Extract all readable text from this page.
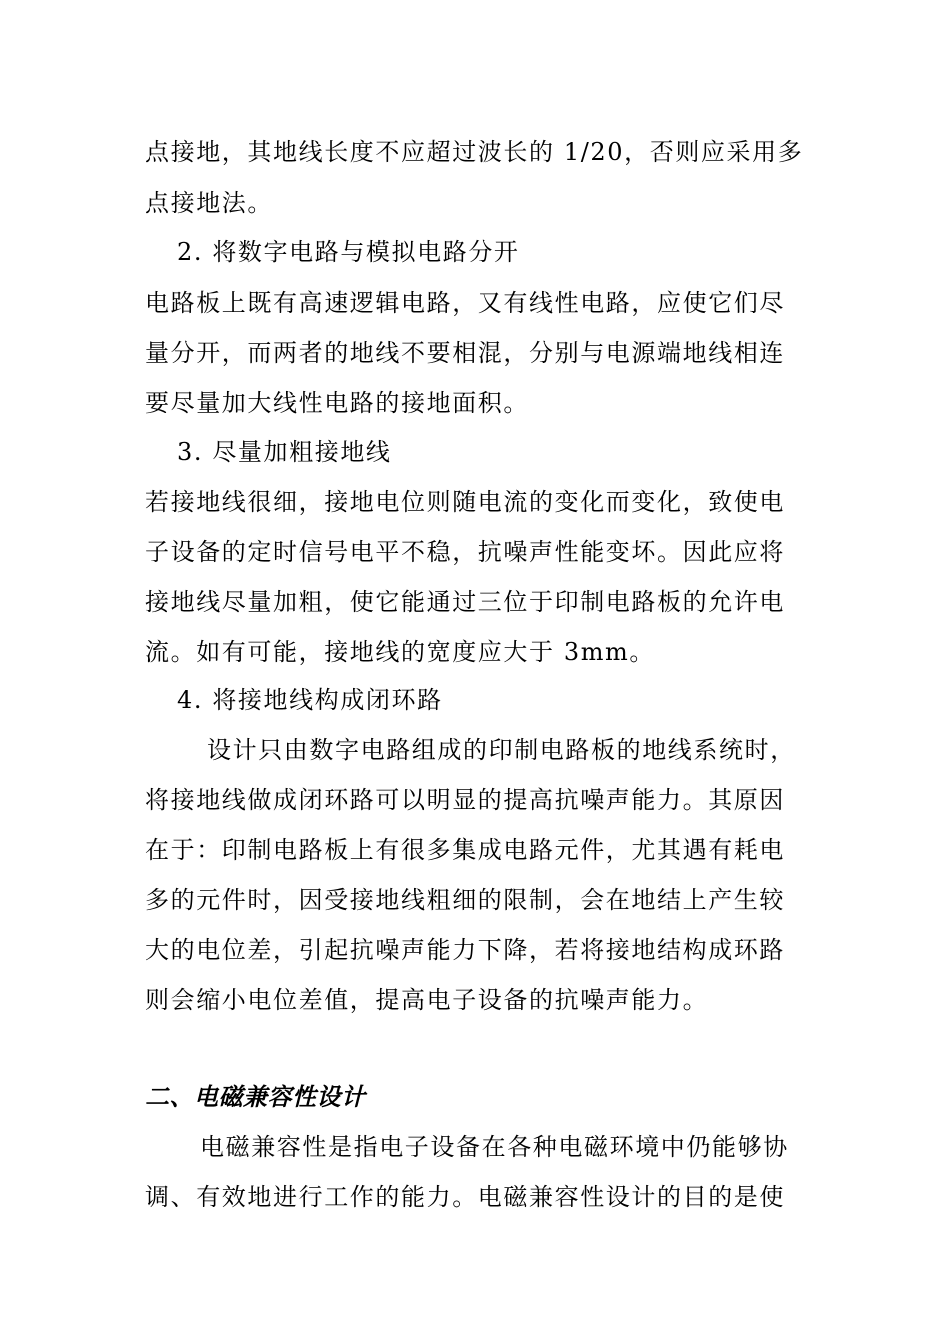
点接地，其地线长度不应超过波长的 1/20，否则应采用多
点接地法。
2. 将数字电路与模拟电路分开
电路板上既有高速逻辑电路，又有线性电路，应使它们尽
量分开，而两者的地线不要相混，分别与电源端地线相连
要尽量加大线性电路的接地面积。
3. 尽量加粗接地线
若接地线很细，接地电位则随电流的变化而变化，致使电
子设备的定时信号电平不稳，抗噪声性能变坏。因此应将
接地线尽量加粗，使它能通过三位于印制电路板的允许电
流。如有可能，接地线的宽度应大于 3mm。
4. 将接地线构成闭环路
设计只由数字电路组成的印制电路板的地线系统时，
将接地线做成闭环路可以明显的提高抗噪声能力。其原因
在于：印制电路板上有很多集成电路元件，尤其遇有耗电
多的元件时，因受接地线粗细的限制，会在地结上产生较
大的电位差，引起抗噪声能力下降，若将接地结构成环路
则会缩小电位差值，提高电子设备的抗噪声能力。
二、电磁兼容性设计
电磁兼容性是指电子设备在各种电磁环境中仍能够协
调、有效地进行工作的能力。电磁兼容性设计的目的是使
